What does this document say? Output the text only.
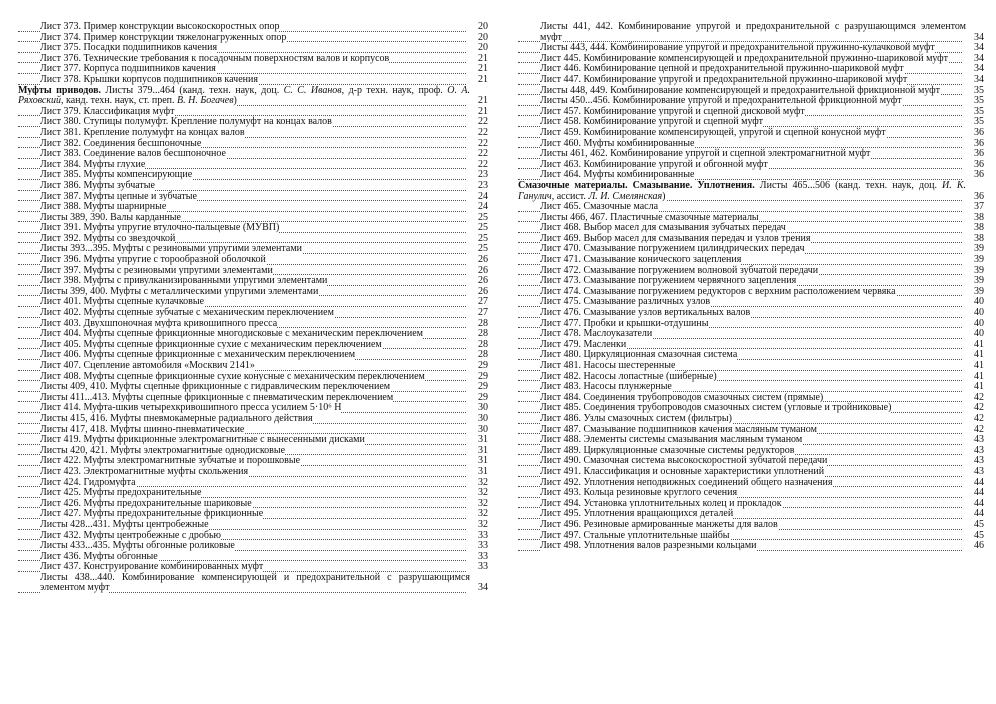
Лист 373. Пример конструкции высокоскоростных опор	20
Лист 374. Пример конструкции тяжелонагруженных опор	20
Лист 375. Посадки подшипников качения	20
Лист 376. Технические требования к посадочным поверхностям валов и корпусов	21
Лист 377. Корпуса подшипников качения	21
Лист 378. Крышки корпусов подшипников качения	21
Муфты приводов. Листы 379...464 (канд. техн. наук, доц. С. С. Иванов, д-р техн. наук, проф. О. А. Ряховский, канд. техн. наук, ст. преп. В. Н. Богачев)	21
Лист 379. Классификация муфт	21
Лист 380. Ступицы полумуфт. Крепление полумуфт на концах валов	22
Лист 381. Крепление полумуфт на концах валов	22
Лист 382. Соединения бесшпоночные	22
Лист 383. Соединение валов бесшпоночное	22
Лист 384. Муфты глухие	22
Лист 385. Муфты компенсирующие	23
Лист 386. Муфты зубчатые	23
Лист 387. Муфты цепные и зубчатые	24
Лист 388. Муфты шарнирные	24
Листы 389, 390. Валы карданные	25
Лист 391. Муфты упругие втулочно-пальцевые (МУВП)	25
Лист 392. Муфты со звездочкой	25
Листы 393...395. Муфты с резиновыми упругими элементами	25
Лист 396. Муфты упругие с торообразной оболочкой	26
Лист 397. Муфты с резиновыми упругими элементами	26
Лист 398. Муфты с привулканизированными упругими элементами	26
Листы 399, 400. Муфты с металлическими упругими элементами	26
Лист 401. Муфты сцепные кулачковые	27
Лист 402. Муфты сцепные зубчатые с механическим переключением	27
Лист 403. Двухшпоночная муфта кривошипного пресса	28
Лист 404. Муфты сцепные фрикционные многодисковые с механическим переключением	28
Лист 405. Муфты сцепные фрикционные сухие с механическим переключением	28
Лист 406. Муфты сцепные фрикционные с механическим переключением	28
Лист 407. Сцепление автомобиля «Москвич 2141»	29
Лист 408. Муфты сцепные фрикционные сухие конусные с механическим переключением	29
Листы 409, 410. Муфты сцепные фрикционные с гидравлическим переключением	29
Листы 411...413. Муфты сцепные фрикционные с пневматическим переключением	29
Лист 414. Муфта-шкив четырехкривошипного пресса усилием 5·10⁶ Н	30
Листы 415, 416. Муфты пневмокамерные радиального действия	30
Листы 417, 418. Муфты шинно-пневматические	30
Лист 419. Муфты фрикционные электромагнитные с вынесенными дисками	31
Листы 420, 421. Муфты электромагнитные однодисковые	31
Лист 422. Муфты электромагнитные зубчатые и порошковые	31
Лист 423. Электромагнитные муфты скольжения	31
Лист 424. Гидромуфта	32
Лист 425. Муфты предохранительные	32
Лист 426. Муфты предохранительные шариковые	32
Лист 427. Муфты предохранительные фрикционные	32
Листы 428...431. Муфты центробежные	32
Лист 432. Муфты центробежные с дробью	33
Листы 433...435. Муфты обгонные роликовые	33
Лист 436. Муфты обгонные	33
Лист 437. Конструирование комбинированных муфт	33
Листы 438...440. Комбинирование компенсирующей и предохранительной с разрушающимся элементом муфт	34
Листы 441, 442. Комбинирование упругой и предохранительной с разрушающимся элементом муфт	34
Листы 443, 444. Комбинирование упругой и предохранительной пружинно-кулачковой муфт	34
Лист 445. Комбинирование компенсирующей и предохранительной пружинно-шариковой муфт	34
Лист 446. Комбинирование цепной и предохранительной пружинно-шариковой муфт	34
Лист 447. Комбинирование упругой и предохранительной пружинно-шариковой муфт	34
Листы 448, 449. Комбинирование компенсирующей и предохранительной фрикционной муфт	35
Листы 450...456. Комбинирование упругой и предохранительной фрикционной муфт	35
Лист 457. Комбинирование упругой и сцепной дисковой муфт	35
Лист 458. Комбинирование упругой и сцепной муфт	35
Лист 459. Комбинирование компенсирующей, упругой и сцепной конусной муфт	36
Лист 460. Муфты комбинированные	36
Листы 461, 462. Комбинирование упругой и сцепной электромагнитной муфт	36
Лист 463. Комбинирование упругой и обгонной муфт	36
Лист 464. Муфты комбинированные	36
Смазочные материалы. Смазывание. Уплотнения. Листы 465...506 (канд. техн. наук, доц. И. К. Ганулич, ассист. Л. И. Смелянская)	36
Лист 465. Смазочные масла	37
Листы 466, 467. Пластичные смазочные материалы	38
Лист 468. Выбор масел для смазывания зубчатых передач	38
Лист 469. Выбор масел для смазывания передач и узлов трения	38
Лист 470. Смазывание погружением цилиндрических передач	39
Лист 471. Смазывание конического зацепления	39
Лист 472. Смазывание погружением волновой зубчатой передачи	39
Лист 473. Смазывание погружением червячного зацепления	39
Лист 474. Смазывание погружением редукторов с верхним расположением червяка	39
Лист 475. Смазывание различных узлов	40
Лист 476. Смазывание узлов вертикальных валов	40
Лист 477. Пробки и крышки-отдушины	40
Лист 478. Маслоуказатели	40
Лист 479. Масленки	41
Лист 480. Циркуляционная смазочная система	41
Лист 481. Насосы шестеренные	41
Лист 482. Насосы лопастные (шиберные)	41
Лист 483. Насосы плунжерные	41
Лист 484. Соединения трубопроводов смазочных систем (прямые)	42
Лист 485. Соединения трубопроводов смазочных систем (угловые и тройниковые)	42
Лист 486. Узлы смазочных систем (фильтры)	42
Лист 487. Смазывание подшипников качения масляным туманом	42
Лист 488. Элементы системы смазывания масляным туманом	43
Лист 489. Циркуляционные смазочные системы редукторов	43
Лист 490. Смазочная система высокоскоростной зубчатой передачи	43
Лист 491. Классификация и основные характеристики уплотнений	43
Лист 492. Уплотнения неподвижных соединений общего назначения	44
Лист 493. Кольца резиновые круглого сечения	44
Лист 494. Установка уплотнительных колец и прокладок	44
Лист 495. Уплотнения вращающихся деталей	44
Лист 496. Резиновые армированные манжеты для валов	45
Лист 497. Стальные уплотнительные шайбы	45
Лист 498. Уплотнения валов разрезными кольцами	46
